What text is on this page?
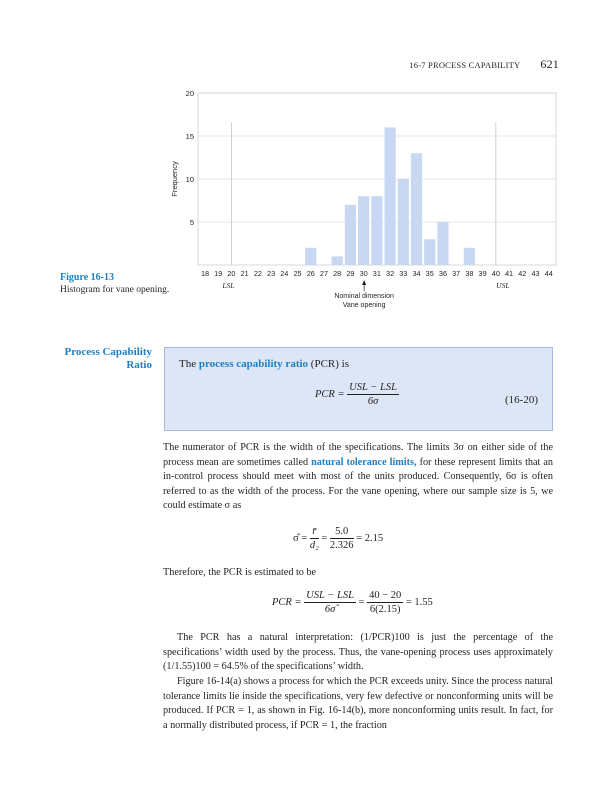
16-7 PROCESS CAPABILITY 621
5
10
15
20
Frequency
18 19 20 21 22 23 24 25 26 27 28 29 30 31 32 33 34 35 36 37 38 39 40 41 42 43 44
LSL	USL
Nominal dimension
Vane opening
Figure 16-13
Histogram for vane opening.
Process Capability Ratio The process capability ratio (PCR) is
PCR = $\frac{\text{USL − LSL}}{6\sigma}$	(16-20)
The numerator of PCR is the width of the specifications. The limits 3σ on either side of the process mean are sometimes called natural tolerance limits, for these represent limits that an in-control process should meet with most of the units produced. Consequently, 6σ is often referred to as the width of the process. For the vane opening, where our sample size is 5, we could estimate σ as
σ̂ = $\frac{r̄}{\text{d₂}} = \frac{5.0}{2.326} = 2.15$
Therefore, the PCR is estimated to be
PCR = $\frac{\text{USL − LSL}}{6\sigmâ} = \frac{40 - 20}{6(2.15)} = 1.55$
The PCR has a natural interpretation: (1/PCR)100 is just the percentage of the specifications’ width used by the process. Thus, the vane-opening process uses approximately (1/1.55)100 = 64.5% of the specifications’ width.
Figure 16-14(a) shows a process for which the PCR exceeds unity. Since the process natural tolerance limits lie inside the specifications, very few defective or nonconforming units will be produced. If PCR = 1, as shown in Fig. 16-14(b), more nonconforming units result. In fact, for a normally distributed process, if PCR = 1, the fraction
